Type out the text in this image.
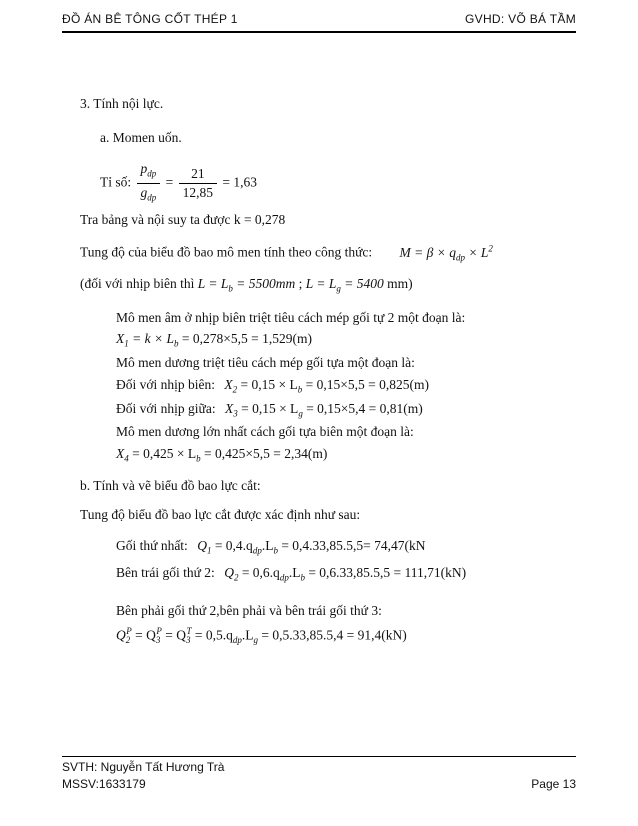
ĐỒ ÁN BÊ TÔNG CỐT THÉP 1	GVHD: VÕ BÁ TẦM
3. Tính nội lực.
a. Momen uốn.
Tỉ số: $\frac{p_{dp}}{g_{dp}} = \frac{21}{12,85} = 1,63$
Tra bảng và nội suy ta được k = 0,278
Tung độ của biểu đồ bao mô men tính theo công thức: $M = \beta \times q_{dp} \times L^2$
(đối với nhịp biên thì $L = L_b = 5500mm$ ; $L = L_g = 5400$ mm)
Mô men âm ở nhịp biên triệt tiêu cách mép gối tự 2 một đoạn là:
$X_1 = k \times L_b = 0,278\times 5,5 = 1,529(m)$
Mô men dương triệt tiêu cách mép gối tựa một đoạn là:
Đối với nhịp biên: $X_2 = 0,15 \times L_b = 0,15\times 5,5 = 0,825(m)$
Đối với nhịp giữa: $X_3 = 0,15 \times L_g = 0,15\times 5,4 = 0,81(m)$
Mô men dương lớn nhất cách gối tựa biên một đoạn là:
$X_4 = 0,425 \times L_b = 0,425\times 5,5 = 2,34(m)$
b. Tính và vẽ biểu đồ bao lực cắt:
Tung độ biểu đồ bao lực cắt được xác định như sau:
Gối thứ nhất: $Q_1 = 0,4.q_{dp}.L_b = 0,4.33,85.5,5= 74,47(kN$
Bên trái gối thứ 2: $Q_2 = 0,6.q_{dp}.L_b = 0,6.33,85.5,5 = 111,71(kN)$
Bên phải gối thứ 2,bên phải và bên trái gối thứ 3:
$Q_2^P = Q_3^P = Q_3^T = 0,5.q_{dp}.L_g = 0,5.33,85.5,4 = 91,4(kN)$
SVTH: Nguyễn Tất Hương Trà
MSSV:1633179	Page 13
